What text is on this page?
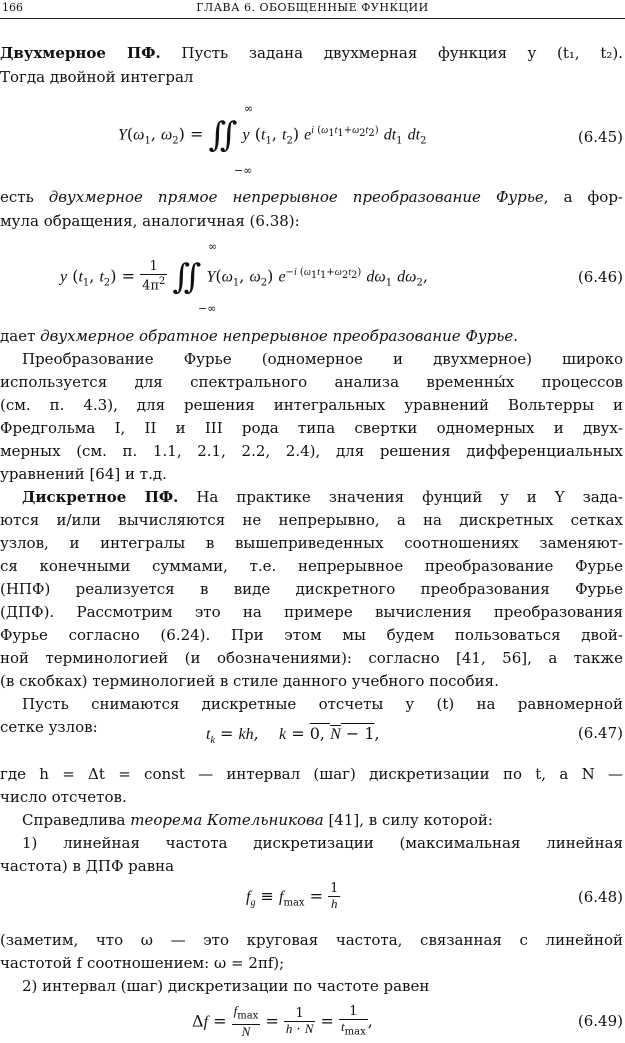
166	ГЛАВА 6. ОБОБЩЕННЫЕ ФУНКЦИИ
Двухмерное ПФ. Пусть задана двухмерная функция y (t₁, t₂).
Тогда двойной интеграл
$Y(\omega_1$, $\omega_2$) = ∬ y ($t_1$, $t_2$) $e^{i (\omega_1t_1+\omega_2t_2)}$ $dt_1$ $dt_2$
∞
−∞
(6.45)
есть двухмерное прямое непрерывное преобразование Фурье, а фор-
мула обращения, аналогичная (6.38):
y ($t_1$, $t_2) = \frac{1}{4\pi^2}$ ∬ $Y(\omega_1$, $\omega_2$) $e^{-i (\omega_1t_1+\omega_2t_2)}$ $d\omega_1$ $d\omega_2$,
∞
−∞
(6.46)
дает двухмерное обратное непрерывное преобразование Фурье.
Преобразование Фурье (одномерное и двухмерное) широко
используется для спектрального анализа временны́х процессов
(см. п. 4.3), для решения интегральных уравнений Вольтерры и
Фредгольма I, II и III рода типа свертки одномерных и двух-
мерных (см. п. 1.1, 2.1, 2.2, 2.4), для решения дифференциальных
уравнений [64] и т.д.
Дискретное ПФ. На практике значения фунций y и Y зада-
ются и/или вычисляются не непрерывно, а на дискретных сетках
узлов, и интегралы в вышеприведенных соотношениях заменяют-
ся конечными суммами, т.е. непрерывное преобразование Фурье
(НПФ) реализуется в виде дискретного преобразования Фурье
(ДПФ). Рассмотрим это на примере вычисления преобразования
Фурье согласно (6.24). При этом мы будем пользоваться двой-
ной терминологией (и обозначениями): согласно [41, 56], а также
(в скобках) терминологией в стиле данного учебного пособия.
Пусть снимаются дискретные отсчеты y (t) на равномерной
сетке узлов:	$t_k$ = kh,    k = 0, N − 1,	(6.47)
где h = Δt = const — интервал (шаг) дискретизации по t, а N —
число отсчетов.
Справедлива теорема Котельникова [41], в силу которой:
1) линейная частота дискретизации (максимальная линейная
частота) в ДПФ равна
$f_g \equiv f_{max} = \frac{1}{h}$	(6.48)
(заметим, что ω — это круговая частота, связанная с линейной
частотой f соотношением: ω = 2πf);
2) интервал (шаг) дискретизации по частоте равен
$\Delta f = \frac{f_{max}}{N} = \frac{1}{h \cdot N} = \frac{1}{t_{max}}$ ,	(6.49)
